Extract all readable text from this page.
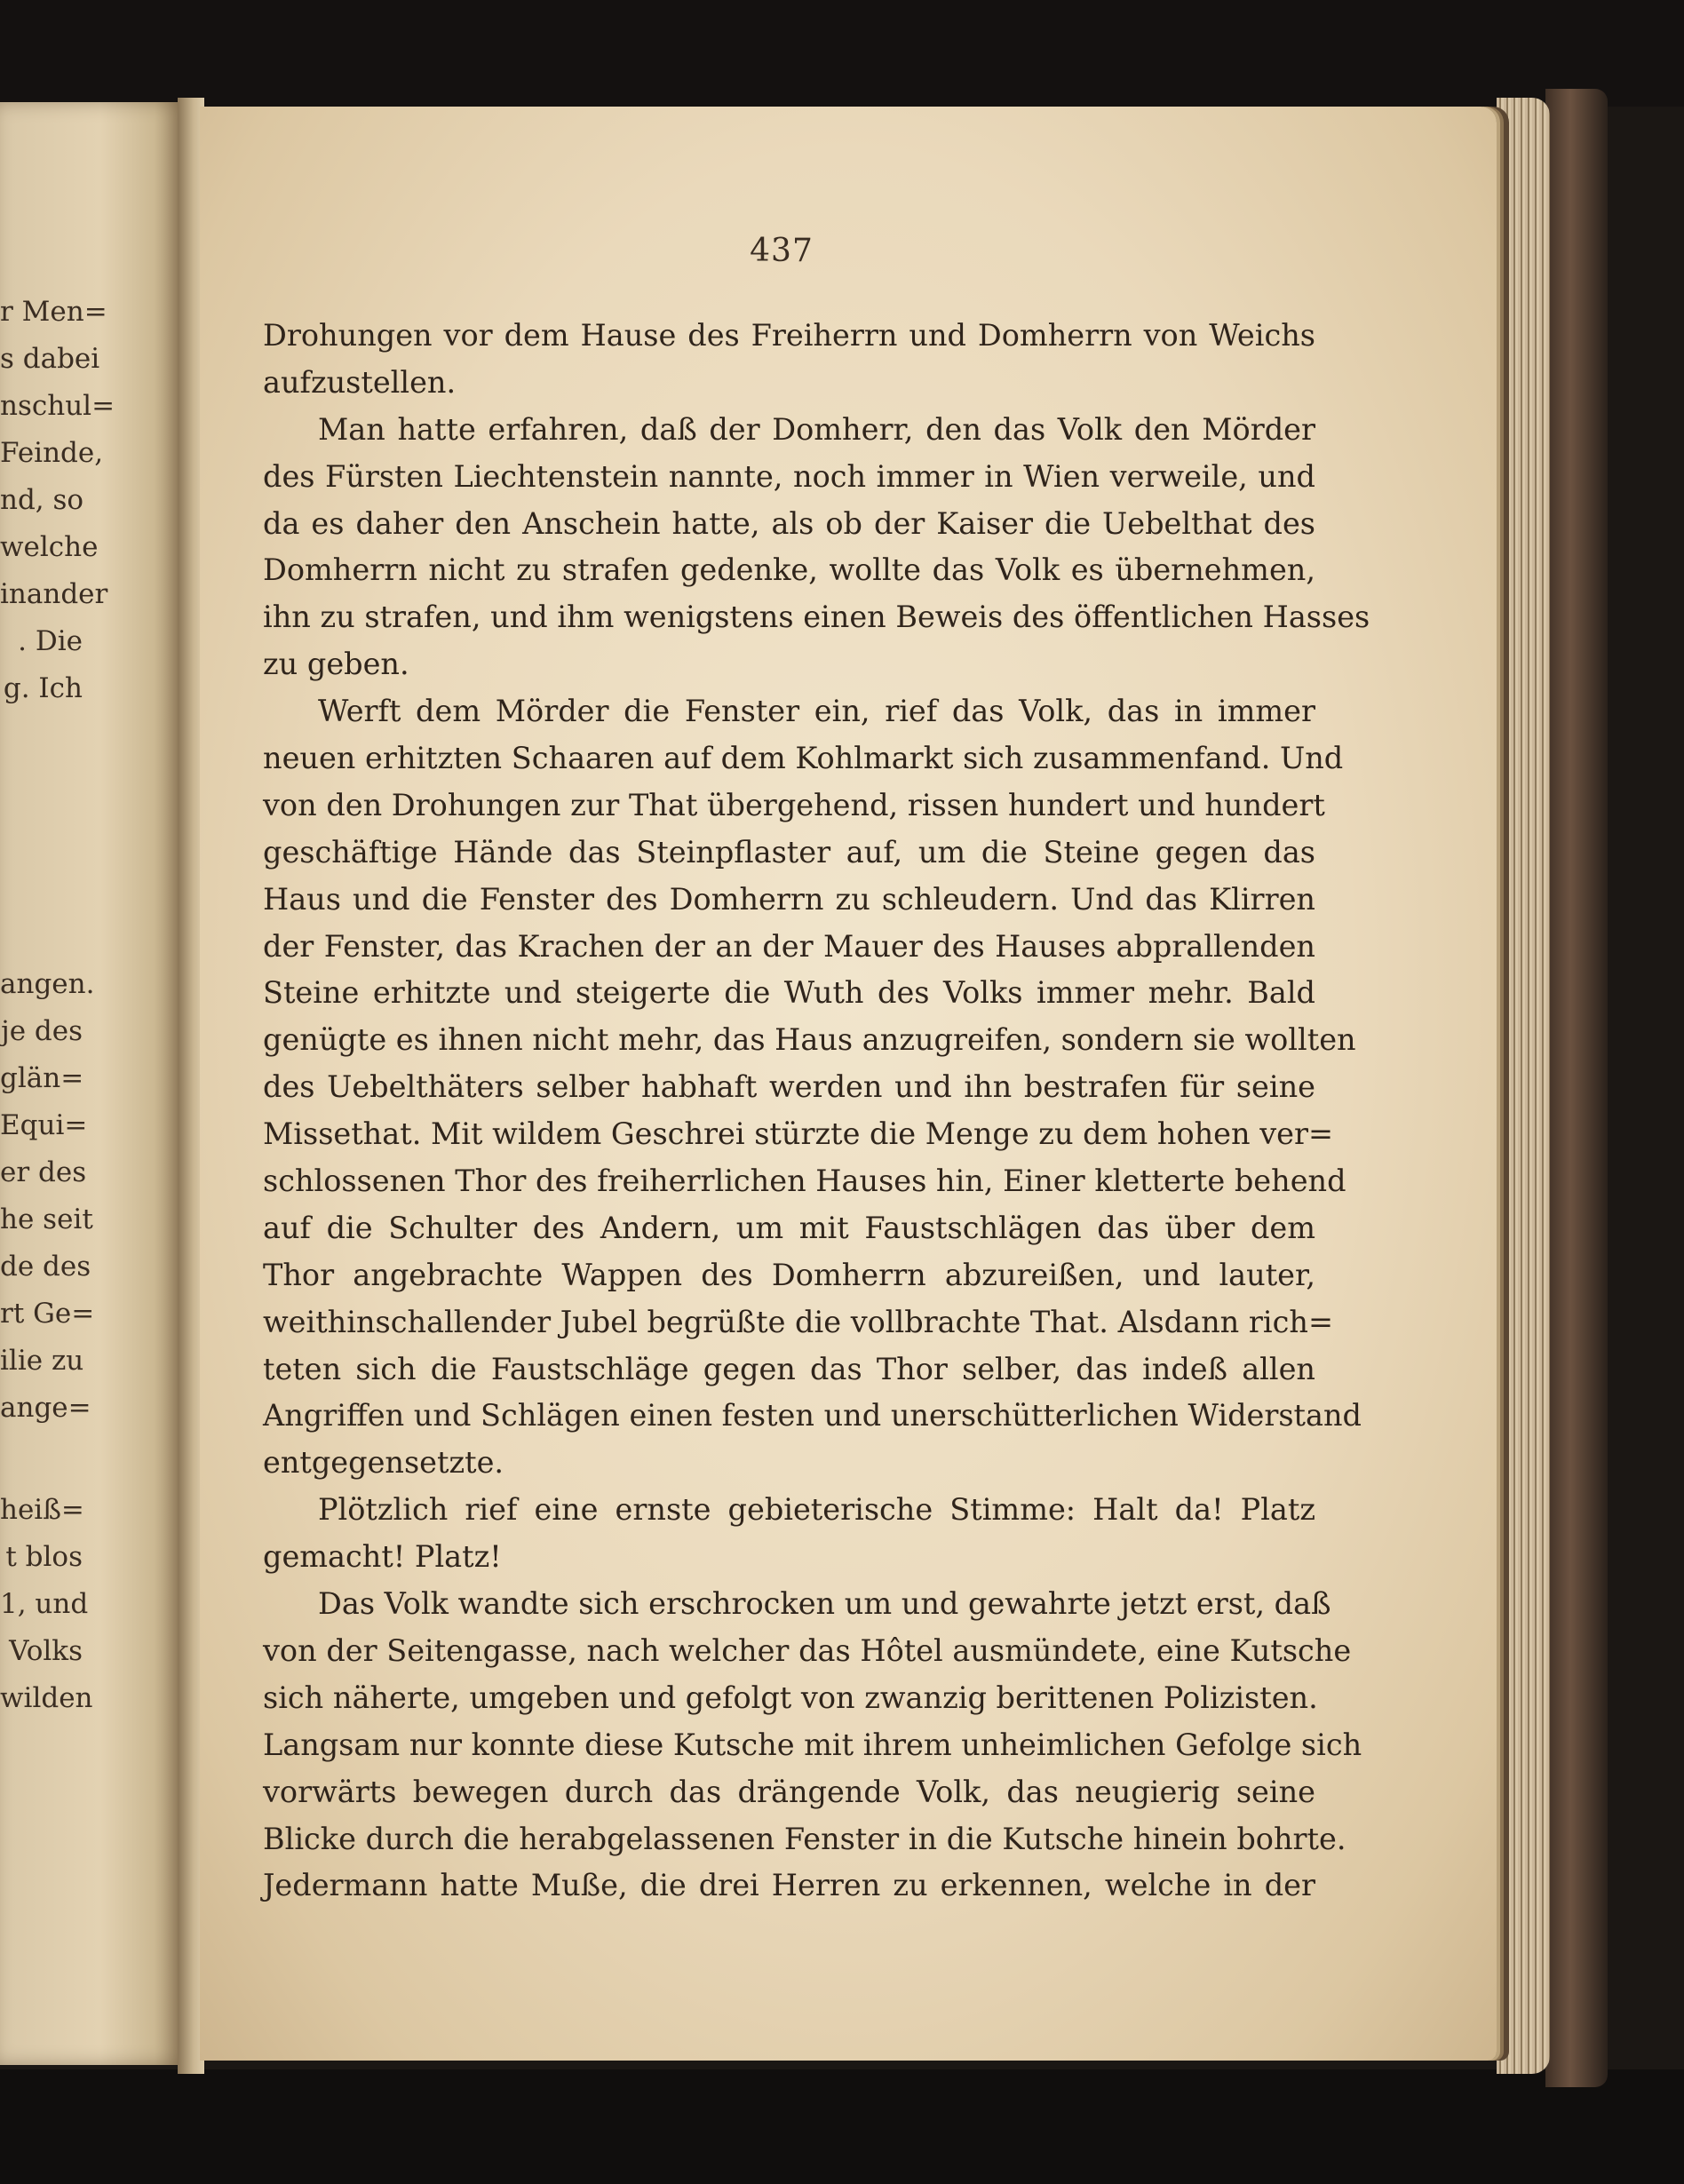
r Men=
s dabei
nschul=
Feinde,
nd, so
welche
inander
. Die
g. Ich
angen.
je des
glän=
Equi=
er des
he seit
de des
rt Ge=
ilie zu
ange=
heiß=
t blos
1, und
Volks
wilden
437
Drohungen vor dem Hause des Freiherrn und Domherrn von Weichs
aufzustellen.
Man hatte erfahren, daß der Domherr, den das Volk den Mörder
des Fürsten Liechtenstein nannte, noch immer in Wien verweile, und
da es daher den Anschein hatte, als ob der Kaiser die Uebelthat des
Domherrn nicht zu strafen gedenke, wollte das Volk es übernehmen,
ihn zu strafen, und ihm wenigstens einen Beweis des öffentlichen Hasses
zu geben.
Werft dem Mörder die Fenster ein, rief das Volk, das in immer
neuen erhitzten Schaaren auf dem Kohlmarkt sich zusammenfand. Und
von den Drohungen zur That übergehend, rissen hundert und hundert
geschäftige Hände das Steinpflaster auf, um die Steine gegen das
Haus und die Fenster des Domherrn zu schleudern. Und das Klirren
der Fenster, das Krachen der an der Mauer des Hauses abprallenden
Steine erhitzte und steigerte die Wuth des Volks immer mehr. Bald
genügte es ihnen nicht mehr, das Haus anzugreifen, sondern sie wollten
des Uebelthäters selber habhaft werden und ihn bestrafen für seine
Missethat. Mit wildem Geschrei stürzte die Menge zu dem hohen ver=
schlossenen Thor des freiherrlichen Hauses hin, Einer kletterte behend
auf die Schulter des Andern, um mit Faustschlägen das über dem
Thor angebrachte Wappen des Domherrn abzureißen, und lauter,
weithinschallender Jubel begrüßte die vollbrachte That. Alsdann rich=
teten sich die Faustschläge gegen das Thor selber, das indeß allen
Angriffen und Schlägen einen festen und unerschütterlichen Widerstand
entgegensetzte.
Plötzlich rief eine ernste gebieterische Stimme: Halt da! Platz
gemacht! Platz!
Das Volk wandte sich erschrocken um und gewahrte jetzt erst, daß
von der Seitengasse, nach welcher das Hôtel ausmündete, eine Kutsche
sich näherte, umgeben und gefolgt von zwanzig berittenen Polizisten.
Langsam nur konnte diese Kutsche mit ihrem unheimlichen Gefolge sich
vorwärts bewegen durch das drängende Volk, das neugierig seine
Blicke durch die herabgelassenen Fenster in die Kutsche hinein bohrte.
Jedermann hatte Muße, die drei Herren zu erkennen, welche in der
